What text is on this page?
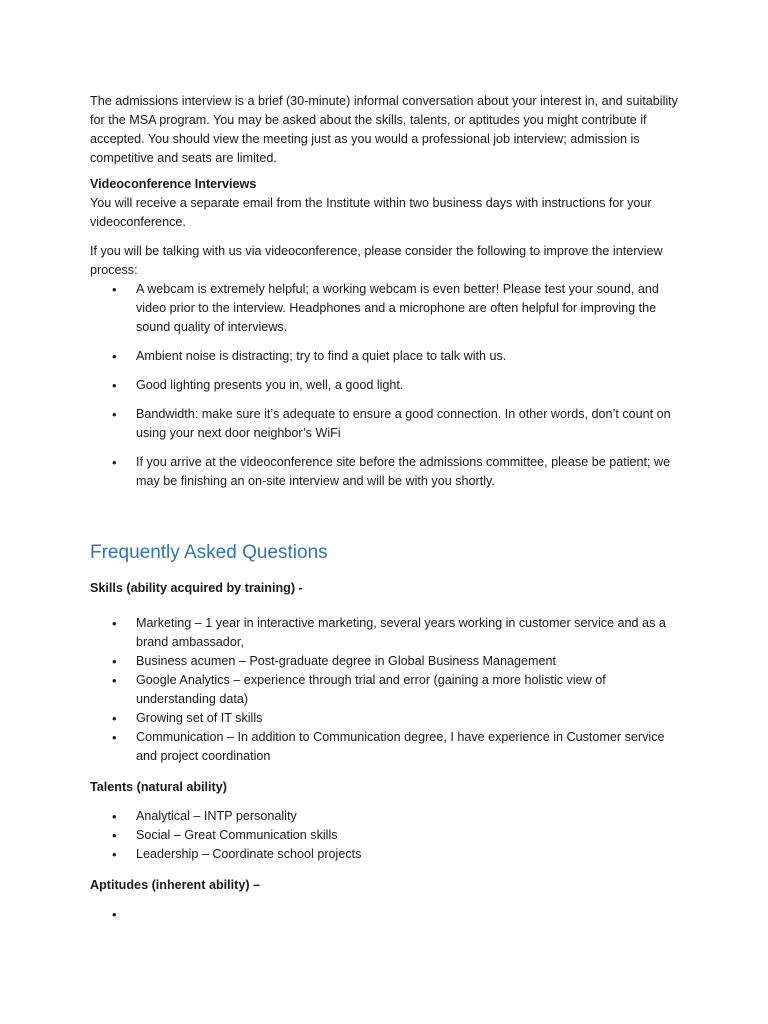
The admissions interview is a brief (30-minute) informal conversation about your interest in, and suitability for the MSA program. You may be asked about the skills, talents, or aptitudes you might contribute if accepted. You should view the meeting just as you would a professional job interview; admission is competitive and seats are limited.

Videoconference Interviews

You will receive a separate email from the Institute within two business days with instructions for your videoconference.

If you will be talking with us via videoconference, please consider the following to improve the interview process:

• A webcam is extremely helpful; a working webcam is even better! Please test your sound, and video prior to the interview. Headphones and a microphone are often helpful for improving the sound quality of interviews.
• Ambient noise is distracting; try to find a quiet place to talk with us.
• Good lighting presents you in, well, a good light.
• Bandwidth: make sure it’s adequate to ensure a good connection. In other words, don’t count on using your next door neighbor’s WiFi
• If you arrive at the videoconference site before the admissions committee, please be patient; we may be finishing an on-site interview and will be with you shortly.
Frequently Asked Questions

Skills (ability acquired by training) -

• Marketing – 1 year in interactive marketing, several years working in customer service and as a brand ambassador,
• Business acumen – Post-graduate degree in Global Business Management
• Google Analytics – experience through trial and error (gaining a more holistic view of understanding data)
• Growing set of IT skills
• Communication – In addition to Communication degree, I have experience in Customer service and project coordination

Talents (natural ability)

• Analytical – INTP personality
• Social – Great Communication skills
• Leadership – Coordinate school projects

Aptitudes (inherent ability) –

•
